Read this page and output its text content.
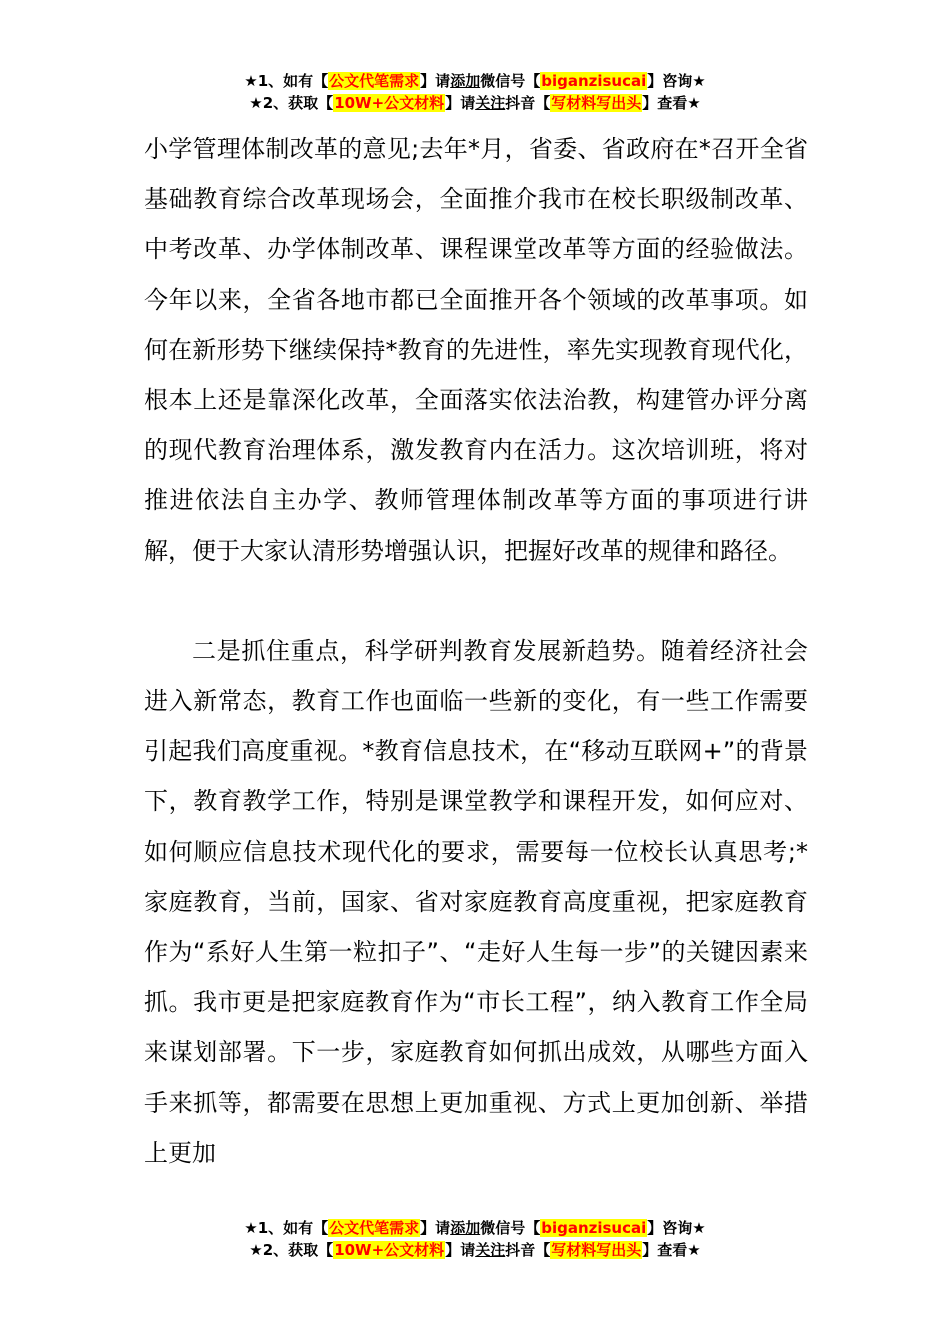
★1、如有【公文代笔需求】请添加微信号【biganzisucai】咨询★
★2、获取【10W+公文材料】请关注抖音【写材料写出头】查看★

小学管理体制改革的意见;去年*月，省委、省政府在*召开全省基础教育综合改革现场会，全面推介我市在校长职级制改革、中考改革、办学体制改革、课程课堂改革等方面的经验做法。今年以来，全省各地市都已全面推开各个领域的改革事项。如何在新形势下继续保持*教育的先进性，率先实现教育现代化，根本上还是靠深化改革，全面落实依法治教，构建管办评分离的现代教育治理体系，激发教育内在活力。这次培训班，将对推进依法自主办学、教师管理体制改革等方面的事项进行讲解，便于大家认清形势增强认识，把握好改革的规律和路径。

二是抓住重点，科学研判教育发展新趋势。随着经济社会进入新常态，教育工作也面临一些新的变化，有一些工作需要引起我们高度重视。*教育信息技术，在“移动互联网+”的背景下，教育教学工作，特别是课堂教学和课程开发，如何应对、如何顺应信息技术现代化的要求，需要每一位校长认真思考;*家庭教育，当前，国家、省对家庭教育高度重视，把家庭教育作为“系好人生第一粒扣子”、“走好人生每一步”的关键因素来抓。我市更是把家庭教育作为“市长工程”，纳入教育工作全局来谋划部署。下一步，家庭教育如何抓出成效，从哪些方面入手来抓等，都需要在思想上更加重视、方式上更加创新、举措上更加

★1、如有【公文代笔需求】请添加微信号【biganzisucai】咨询★
★2、获取【10W+公文材料】请关注抖音【写材料写出头】查看★
